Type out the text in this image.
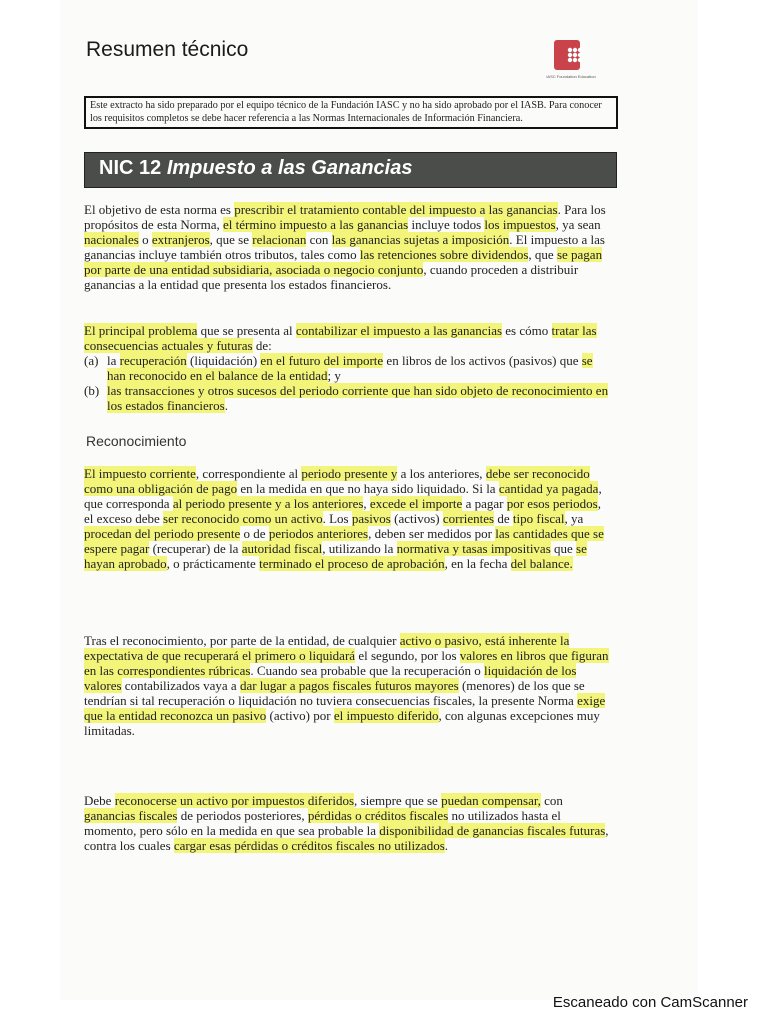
Resumen técnico
IASC Foundation Education
Este extracto ha sido preparado por el equipo técnico de la Fundación IASC y no ha sido aprobado por el IASB. Para conocer los requisitos completos se debe hacer referencia a las Normas Internacionales de Información Financiera.
NIC 12 Impuesto a las Ganancias
El objetivo de esta norma es prescribir el tratamiento contable del impuesto a las ganancias. Para los propósitos de esta Norma, el término impuesto a las ganancias incluye todos los impuestos, ya sean nacionales o extranjeros, que se relacionan con las ganancias sujetas a imposición. El impuesto a las ganancias incluye también otros tributos, tales como las retenciones sobre dividendos, que se pagan por parte de una entidad subsidiaria, asociada o negocio conjunto, cuando proceden a distribuir ganancias a la entidad que presenta los estados financieros.
El principal problema que se presenta al contabilizar el impuesto a las ganancias es cómo tratar las consecuencias actuales y futuras de:
(a) la recuperación (liquidación) en el futuro del importe en libros de los activos (pasivos) que se han reconocido en el balance de la entidad; y
(b) las transacciones y otros sucesos del periodo corriente que han sido objeto de reconocimiento en los estados financieros.
Reconocimiento
El impuesto corriente, correspondiente al periodo presente y a los anteriores, debe ser reconocido como una obligación de pago en la medida en que no haya sido liquidado. Si la cantidad ya pagada, que corresponda al periodo presente y a los anteriores, excede el importe a pagar por esos periodos, el exceso debe ser reconocido como un activo. Los pasivos (activos) corrientes de tipo fiscal, ya procedan del periodo presente o de periodos anteriores, deben ser medidos por las cantidades que se espere pagar (recuperar) de la autoridad fiscal, utilizando la normativa y tasas impositivas que se hayan aprobado, o prácticamente terminado el proceso de aprobación, en la fecha del balance.
Tras el reconocimiento, por parte de la entidad, de cualquier activo o pasivo, está inherente la expectativa de que recuperará el primero o liquidará el segundo, por los valores en libros que figuran en las correspondientes rúbricas. Cuando sea probable que la recuperación o liquidación de los valores contabilizados vaya a dar lugar a pagos fiscales futuros mayores (menores) de los que se tendrían si tal recuperación o liquidación no tuviera consecuencias fiscales, la presente Norma exige que la entidad reconozca un pasivo (activo) por el impuesto diferido, con algunas excepciones muy limitadas.
Debe reconocerse un activo por impuestos diferidos, siempre que se puedan compensar, con ganancias fiscales de periodos posteriores, pérdidas o créditos fiscales no utilizados hasta el momento, pero sólo en la medida en que sea probable la disponibilidad de ganancias fiscales futuras, contra los cuales cargar esas pérdidas o créditos fiscales no utilizados.
Escaneado con CamScanner
